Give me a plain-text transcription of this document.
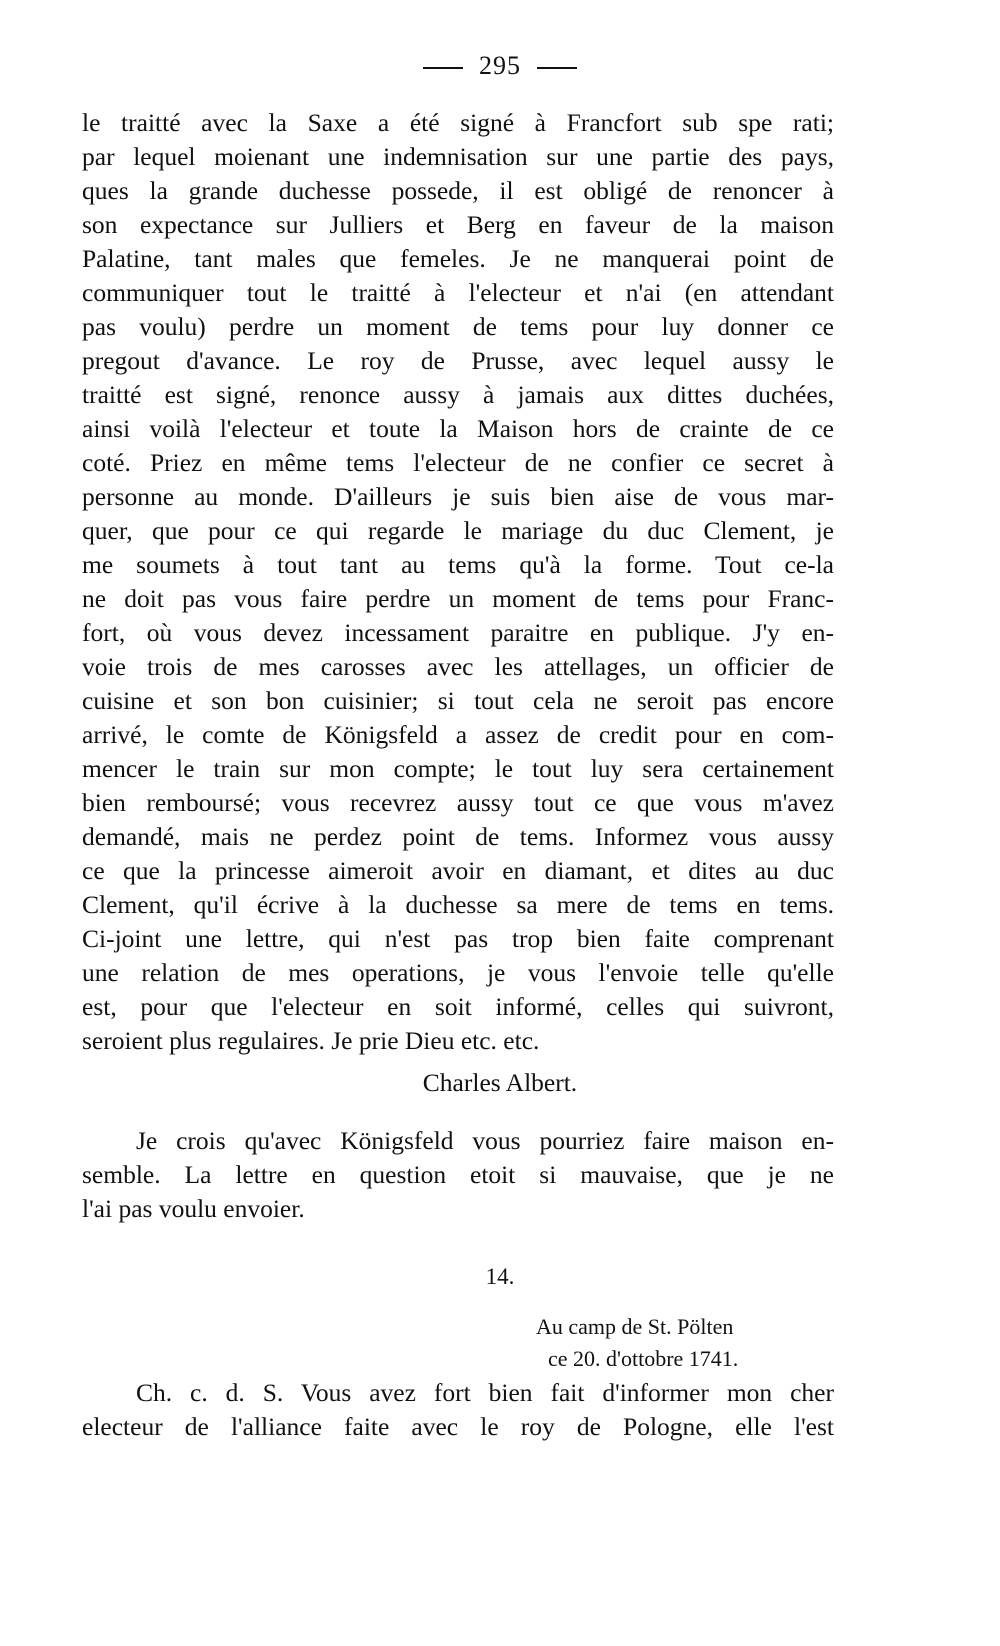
295
le traitté avec la Saxe a été signé à Francfort sub spe rati;
par lequel moienant une indemnisation sur une partie des pays,
ques la grande duchesse possede, il est obligé de renoncer à
son expectance sur Julliers et Berg en faveur de la maison
Palatine, tant males que femeles. Je ne manquerai point de
communiquer tout le traitté à l'electeur et n'ai (en attendant
pas voulu) perdre un moment de tems pour luy donner ce
pregout d'avance. Le roy de Prusse, avec lequel aussy le
traitté est signé, renonce aussy à jamais aux dittes duchées,
ainsi voilà l'electeur et toute la Maison hors de crainte de ce
coté. Priez en même tems l'electeur de ne confier ce secret à
personne au monde. D'ailleurs je suis bien aise de vous mar-
quer, que pour ce qui regarde le mariage du duc Clement, je
me soumets à tout tant au tems qu'à la forme. Tout ce-la
ne doit pas vous faire perdre un moment de tems pour Franc-
fort, où vous devez incessament paraitre en publique. J'y en-
voie trois de mes carosses avec les attellages, un officier de
cuisine et son bon cuisinier; si tout cela ne seroit pas encore
arrivé, le comte de Königsfeld a assez de credit pour en com-
mencer le train sur mon compte; le tout luy sera certainement
bien remboursé; vous recevrez aussy tout ce que vous m'avez
demandé, mais ne perdez point de tems. Informez vous aussy
ce que la princesse aimeroit avoir en diamant, et dites au duc
Clement, qu'il écrive à la duchesse sa mere de tems en tems.
Ci-joint une lettre, qui n'est pas trop bien faite comprenant
une relation de mes operations, je vous l'envoie telle qu'elle
est, pour que l'electeur en soit informé, celles qui suivront,
seroient plus regulaires. Je prie Dieu etc. etc.
Charles Albert.
Je crois qu'avec Königsfeld vous pourriez faire maison en-
semble. La lettre en question etoit si mauvaise, que je ne
l'ai pas voulu envoier.
14.
Au camp de St. Pölten
ce 20. d'ottobre 1741.
Ch. c. d. S. Vous avez fort bien fait d'informer mon cher
electeur de l'alliance faite avec le roy de Pologne, elle l'est
